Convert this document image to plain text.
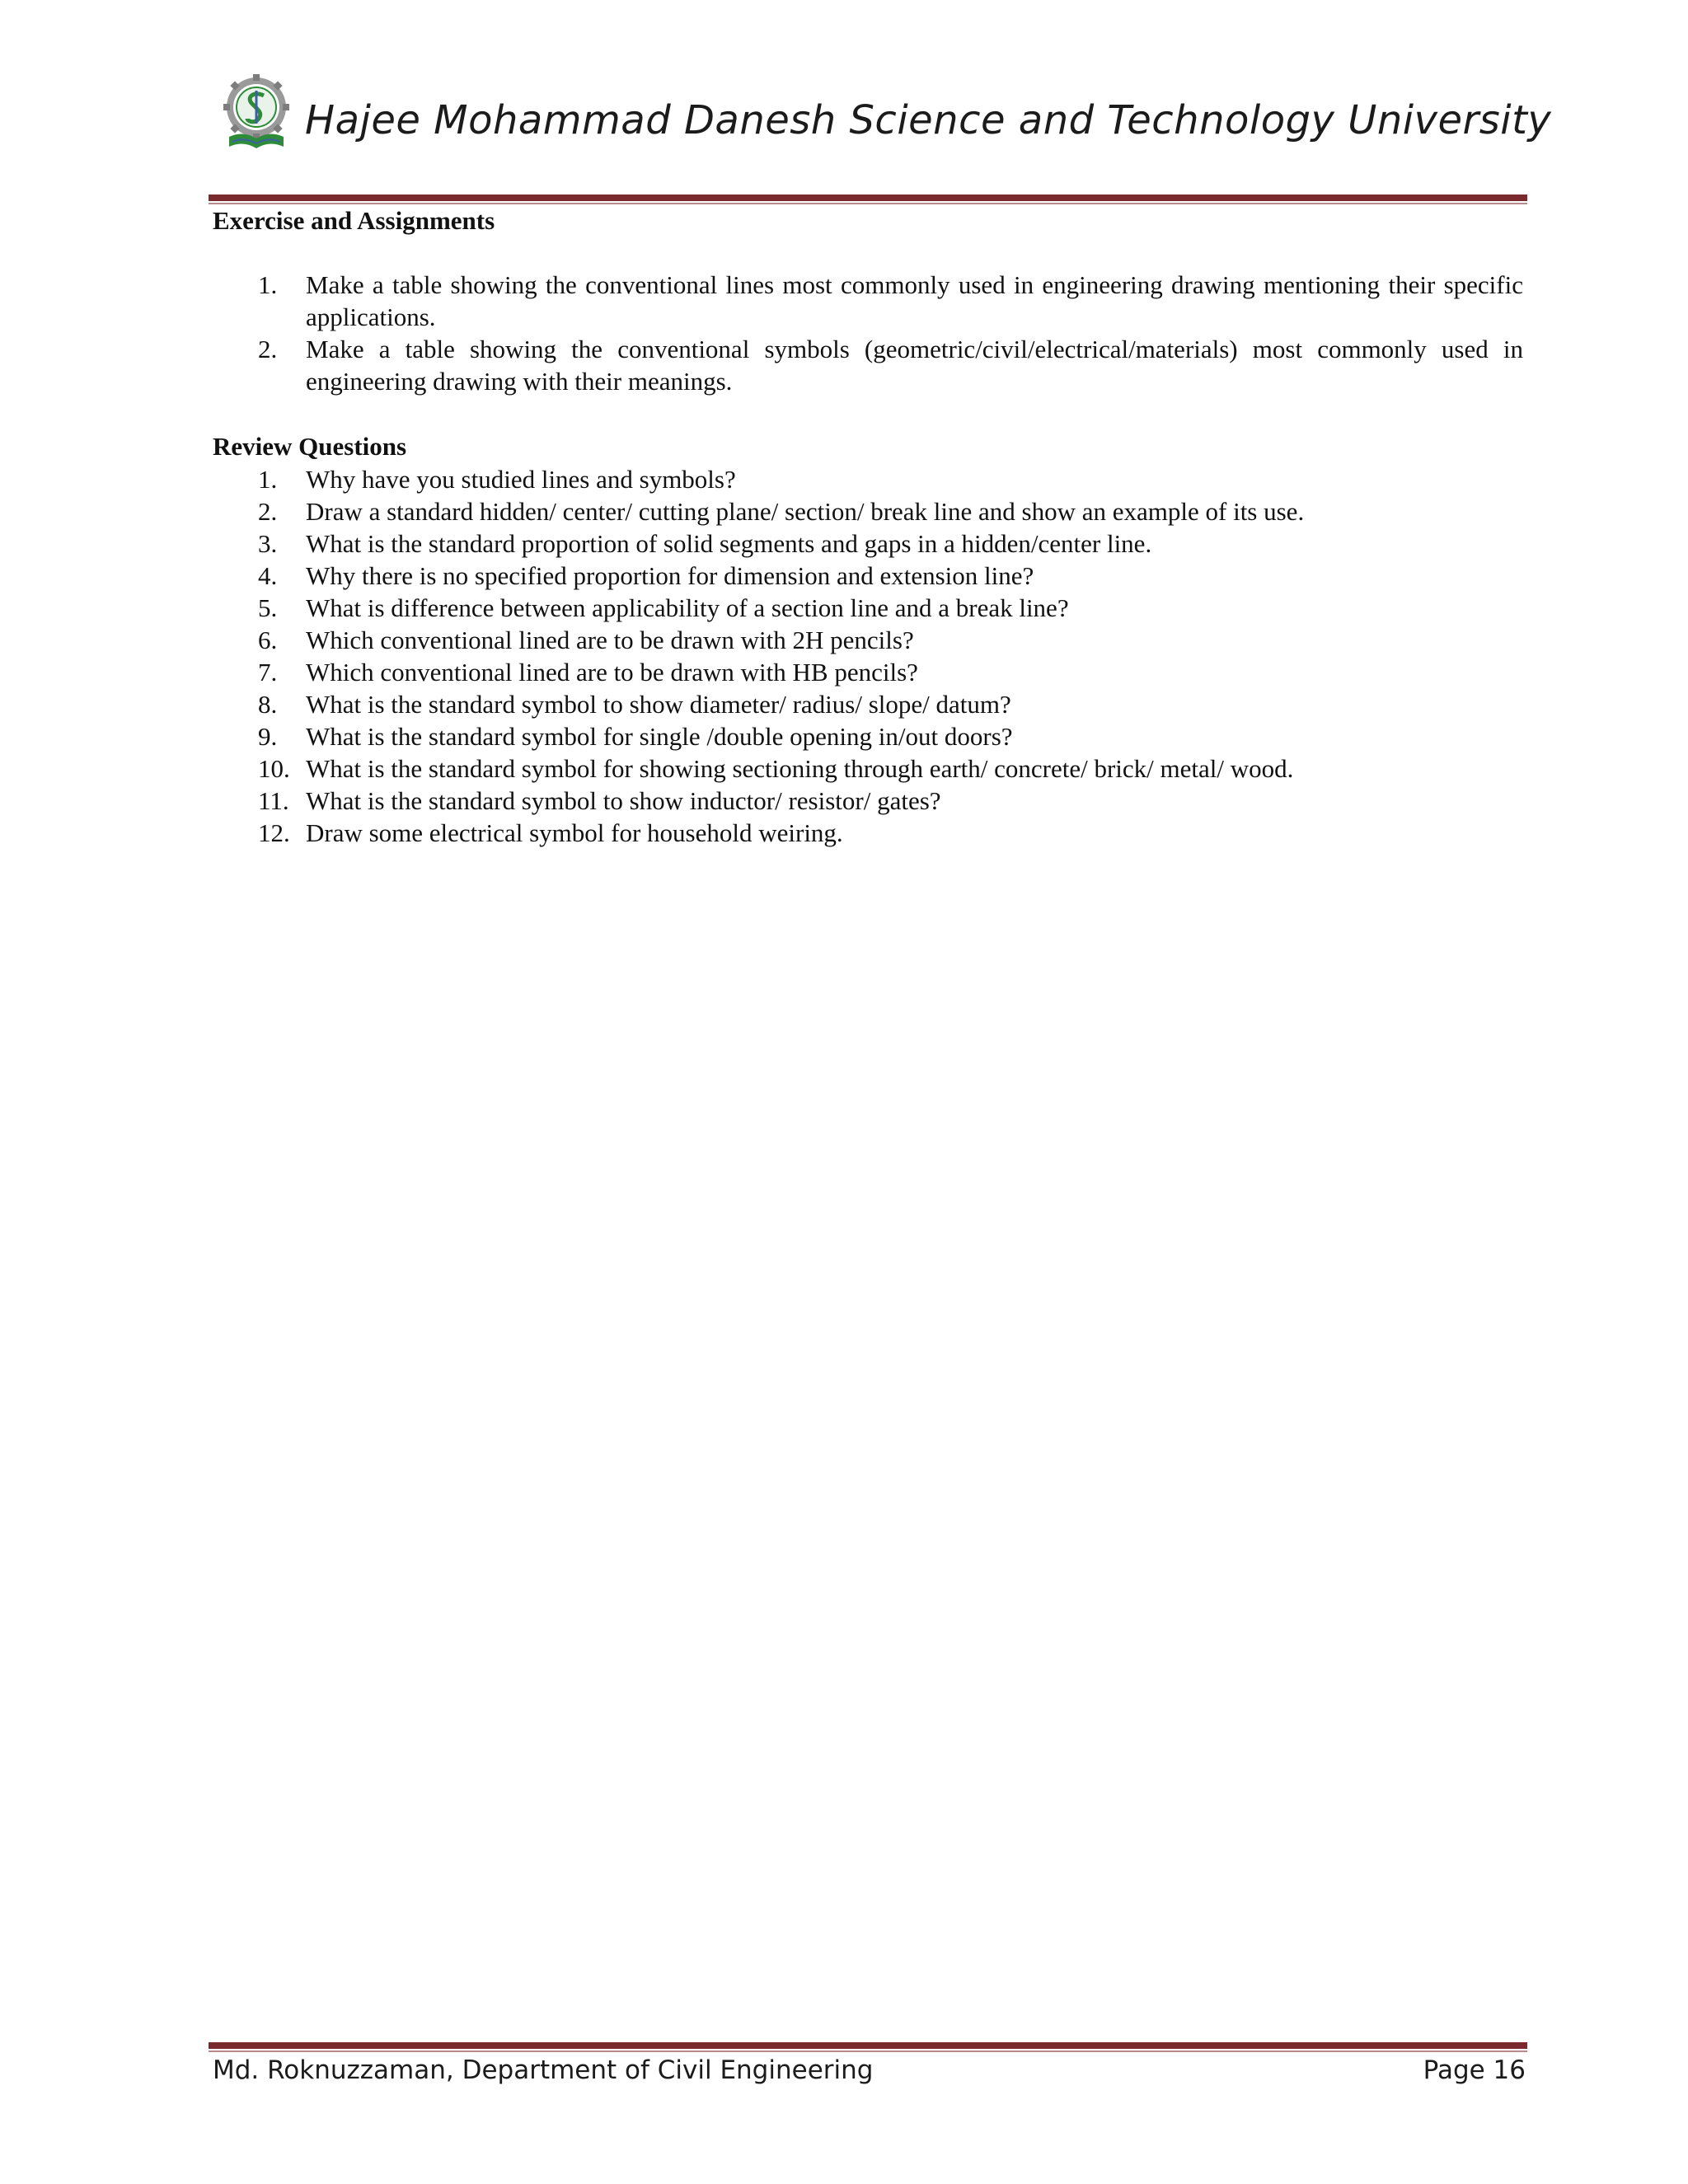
Hajee Mohammad Danesh Science and Technology University
Exercise and Assignments
1.	Make a table showing the conventional lines most commonly used in engineering drawing mentioning their specific applications.
2.	Make a table showing the conventional symbols (geometric/civil/electrical/materials) most commonly used in engineering drawing with their meanings.
Review Questions
1.	Why have you studied lines and symbols?
2.	Draw a standard hidden/ center/ cutting plane/ section/ break line and show an example of its use.
3.	What is the standard proportion of solid segments and gaps in a hidden/center line.
4.	Why there is no specified proportion for dimension and extension line?
5.	What is difference between applicability of a section line and a break line?
6.	Which conventional lined are to be drawn with 2H pencils?
7.	Which conventional lined are to be drawn with HB pencils?
8.	What is the standard symbol to show diameter/ radius/ slope/ datum?
9.	What is the standard symbol for single /double opening in/out doors?
10. What is the standard symbol for showing sectioning through earth/ concrete/ brick/ metal/ wood.
11. What is the standard symbol to show inductor/ resistor/ gates?
12. Draw some electrical symbol for household weiring.
Md. Roknuzzaman, Department of Civil Engineering	Page 16
